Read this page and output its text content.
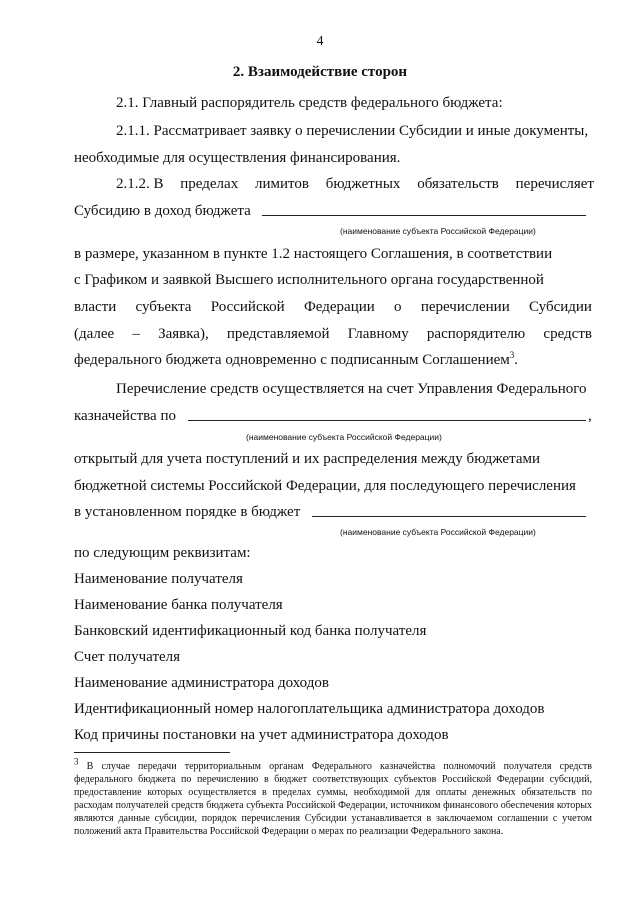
4
2. Взаимодействие сторон
2.1. Главный распорядитель средств федерального бюджета:
2.1.1. Рассматривает заявку о перечислении Субсидии и иные документы,
необходимые для осуществления финансирования.
2.1.2. В пределах лимитов бюджетных обязательств перечисляет
Субсидию в доход бюджета
(наименование субъекта Российской Федерации)
в размере, указанном в пункте 1.2 настоящего Соглашения, в соответствии
с Графиком и заявкой Высшего исполнительного органа государственной
власти субъекта Российской Федерации о перечислении Субсидии
(далее – Заявка), представляемой Главному распорядителю средств
федерального бюджета одновременно с подписанным Соглашением$^3$.
Перечисление средств осуществляется на счет Управления Федерального
казначейства по	,
(наименование субъекта Российской Федерации)
открытый для учета поступлений и их распределения между бюджетами
бюджетной системы Российской Федерации, для последующего перечисления
в установленном порядке в бюджет
(наименование субъекта Российской Федерации)
по следующим реквизитам:
Наименование получателя
Наименование банка получателя
Банковский идентификационный код банка получателя
Счет получателя
Наименование администратора доходов
Идентификационный номер налогоплательщика администратора доходов
Код причины постановки на учет администратора доходов
3 В случае передачи территориальным органам Федерального казначейства полномочий получателя средств федерального бюджета по перечислению в бюджет соответствующих субъектов Российской Федерации субсидий, предоставление которых осуществляется в пределах суммы, необходимой для оплаты денежных обязательств по расходам получателей средств бюджета субъекта Российской Федерации, источником финансового обеспечения которых являются данные субсидии, порядок перечисления Субсидии устанавливается в заключаемом соглашении с учетом положений акта Правительства Российской Федерации о мерах по реализации Федерального закона.
